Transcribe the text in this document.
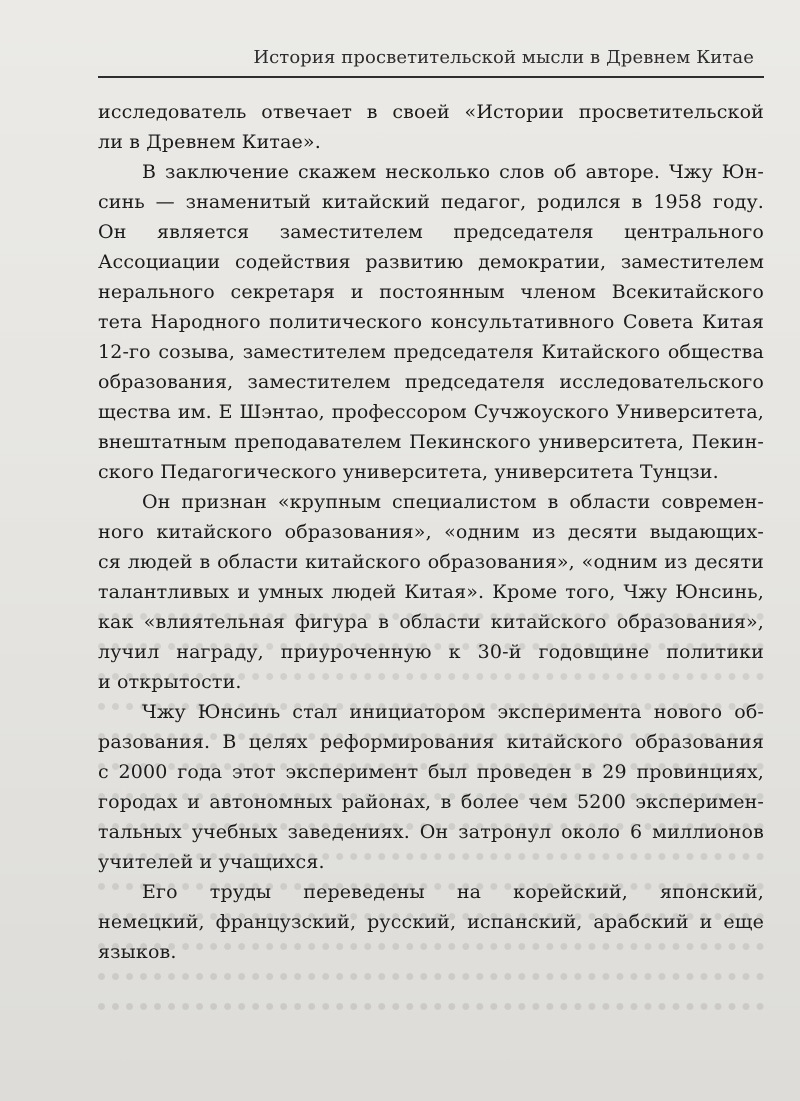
История просветительской мысли в Древнем Китае
исследователь отвечает в своей «Истории просветительской
ли в Древнем Китае».
В заключение скажем несколько слов об авторе. Чжу Юн-
синь — знаменитый китайский педагог, родился в 1958 году.
Он является заместителем председателя центрального
Ассоциации содействия развитию демократии, заместителем
нерального секретаря и постоянным членом Всекитайского
тета Народного политического консультативного Совета Китая
12-го созыва, заместителем председателя Китайского общества
образования, заместителем председателя исследовательского
щества им. Е Шэнтао, профессором Сучжоуского Университета,
внештатным преподавателем Пекинского университета, Пекин-
ского Педагогического университета, университета Тунцзи.
Он признан «крупным специалистом в области современ-
ного китайского образования», «одним из десяти выдающих-
ся людей в области китайского образования», «одним из десяти
талантливых и умных людей Китая». Кроме того, Чжу Юнсинь,
как «влиятельная фигура в области китайского образования»,
лучил награду, приуроченную к 30-й годовщине политики
и открытости.
Чжу Юнсинь стал инициатором эксперимента нового об-
разования. В целях реформирования китайского образования
с 2000 года этот эксперимент был проведен в 29 провинциях,
городах и автономных районах, в более чем 5200 эксперимен-
тальных учебных заведениях. Он затронул около 6 миллионов
учителей и учащихся.
Его труды переведены на корейский, японский,
немецкий, французский, русский, испанский, арабский и еще
языков.
